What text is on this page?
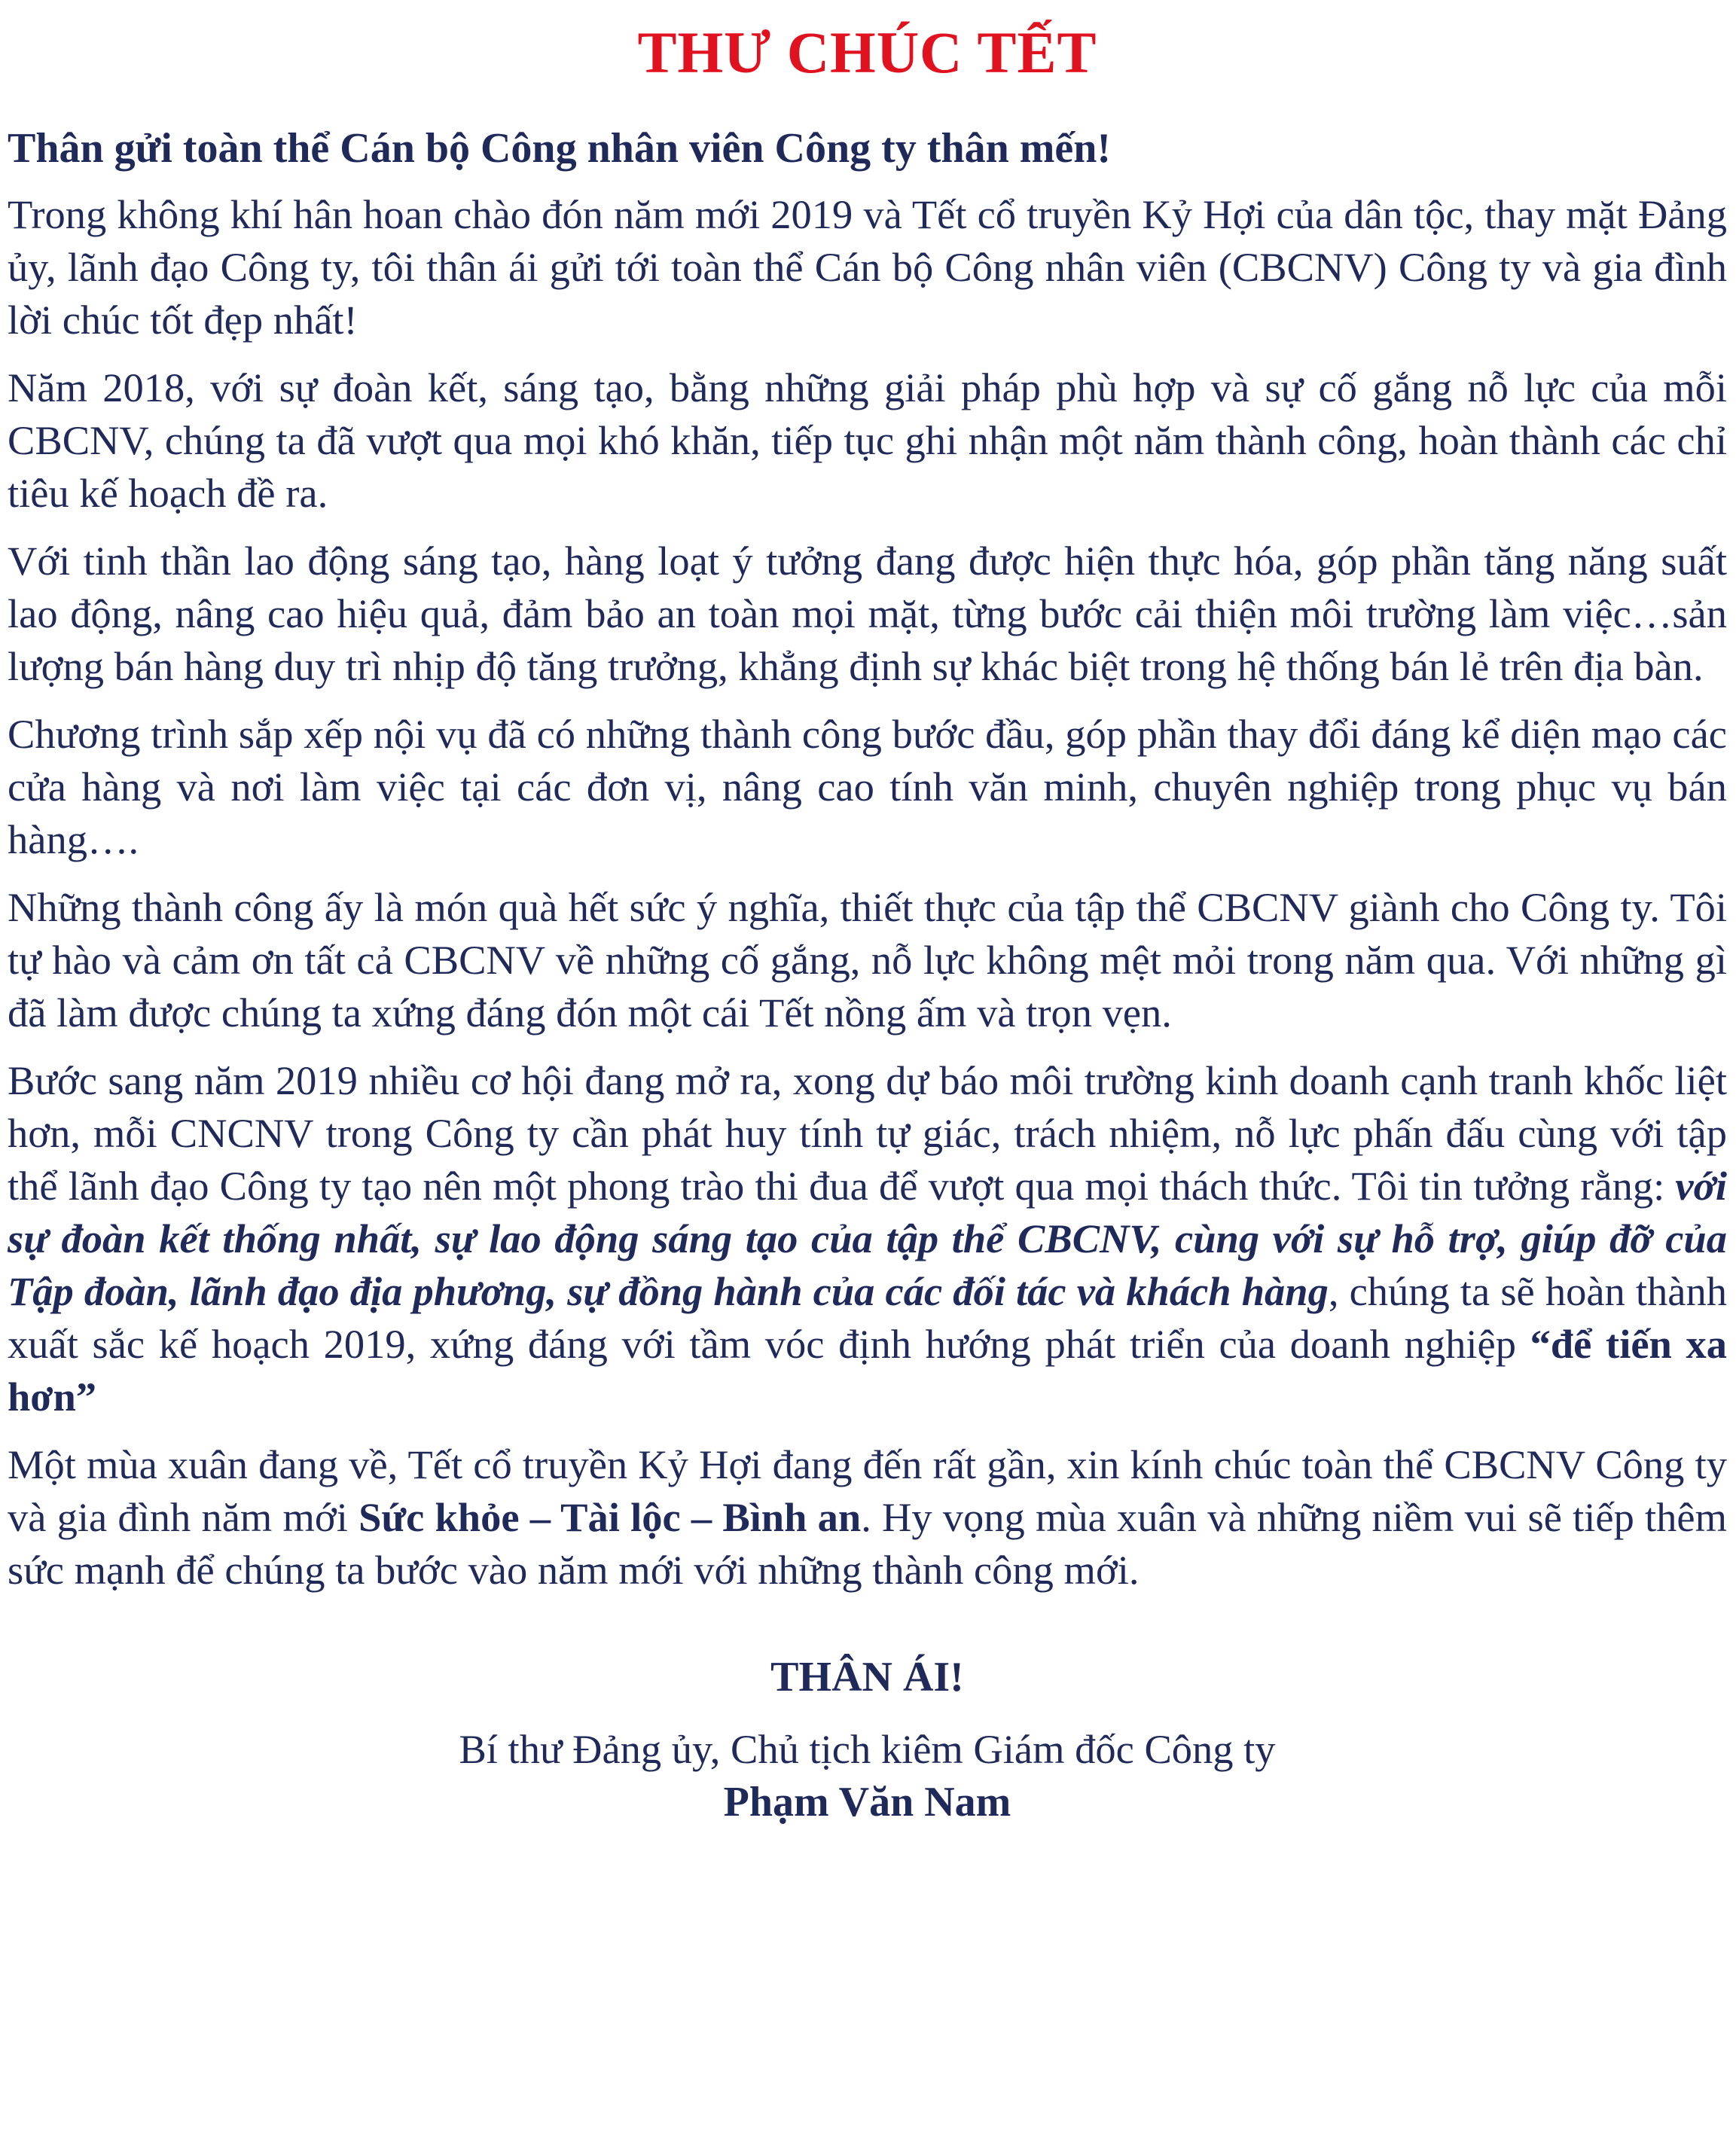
THƯ CHÚC TẾT
Thân gửi toàn thể Cán bộ Công nhân viên Công ty thân mến!

Trong không khí hân hoan chào đón năm mới 2019 và Tết cổ truyền Kỷ Hợi của dân tộc, thay mặt Đảng ủy, lãnh đạo Công ty, tôi thân ái gửi tới toàn thể Cán bộ Công nhân viên (CBCNV) Công ty và gia đình lời chúc tốt đẹp nhất!

Năm 2018, với sự đoàn kết, sáng tạo, bằng những giải pháp phù hợp và sự cố gắng nỗ lực của mỗi CBCNV, chúng ta đã vượt qua mọi khó khăn, tiếp tục ghi nhận một năm thành công, hoàn thành các chỉ tiêu kế hoạch đề ra.

Với tinh thần lao động sáng tạo, hàng loạt ý tưởng đang được hiện thực hóa, góp phần tăng năng suất lao động, nâng cao hiệu quả, đảm bảo an toàn mọi mặt, từng bước cải thiện môi trường làm việc…sản lượng bán hàng duy trì nhịp độ tăng trưởng, khẳng định sự khác biệt trong hệ thống bán lẻ trên địa bàn.

Chương trình sắp xếp nội vụ đã có những thành công bước đầu, góp phần thay đổi đáng kể diện mạo các cửa hàng và nơi làm việc tại các đơn vị, nâng cao tính văn minh, chuyên nghiệp trong phục vụ bán hàng….

Những thành công ấy là món quà hết sức ý nghĩa, thiết thực của tập thể CBCNV giành cho Công ty. Tôi tự hào và cảm ơn tất cả CBCNV về những cố gắng, nỗ lực không mệt mỏi trong năm qua. Với những gì đã làm được chúng ta xứng đáng đón một cái Tết nồng ấm và trọn vẹn.

Bước sang năm 2019 nhiều cơ hội đang mở ra, xong dự báo môi trường kinh doanh cạnh tranh khốc liệt hơn, mỗi CNCNV trong Công ty cần phát huy tính tự giác, trách nhiệm, nỗ lực phấn đấu cùng với tập thể lãnh đạo Công ty tạo nên một phong trào thi đua để vượt qua mọi thách thức. Tôi tin tưởng rằng: với sự đoàn kết thống nhất, sự lao động sáng tạo của tập thể CBCNV, cùng với sự hỗ trợ, giúp đỡ của Tập đoàn, lãnh đạo địa phương, sự đồng hành của các đối tác và khách hàng, chúng ta sẽ hoàn thành xuất sắc kế hoạch 2019, xứng đáng với tầm vóc định hướng phát triển của doanh nghiệp “để tiến xa hơn”

Một mùa xuân đang về, Tết cổ truyền Kỷ Hợi đang đến rất gần, xin kính chúc toàn thể CBCNV Công ty và gia đình năm mới Sức khỏe – Tài lộc – Bình an. Hy vọng mùa xuân và những niềm vui sẽ tiếp thêm sức mạnh để chúng ta bước vào năm mới với những thành công mới.

THÂN ÁI!
Bí thư Đảng ủy, Chủ tịch kiêm Giám đốc Công ty
Phạm Văn Nam
